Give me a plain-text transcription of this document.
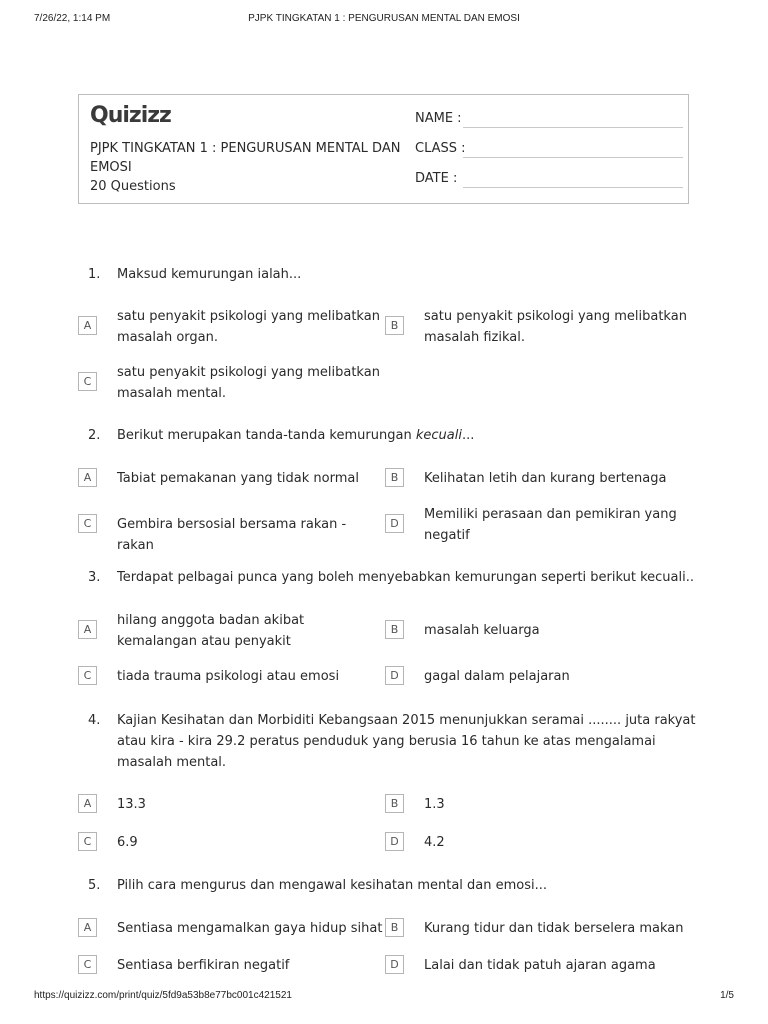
7/26/22, 1:14 PM	PJPK TINGKATAN 1 : PENGURUSAN MENTAL DAN EMOSI
Quizizz
PJPK TINGKATAN 1 : PENGURUSAN MENTAL DAN EMOSI
20 Questions
NAME :
CLASS :
DATE :
1. Maksud kemurungan ialah...
A
satu penyakit psikologi yang melibatkan masalah organ.
B
satu penyakit psikologi yang melibatkan masalah fizikal.
C
satu penyakit psikologi yang melibatkan masalah mental.
2. Berikut merupakan tanda-tanda kemurungan kecuali...
A	Tabiat pemakanan yang tidak normal	B	Kelihatan letih dan kurang bertenaga
C	Gembira bersosial bersama rakan - rakan
D
Memiliki perasaan dan pemikiran yang negatif
3. Terdapat pelbagai punca yang boleh menyebabkan kemurungan seperti berikut kecuali..
A
hilang anggota badan akibat kemalangan atau penyakit
B	masalah keluarga
C	tiada trauma psikologi atau emosi	D	gagal dalam pelajaran
4. Kajian Kesihatan dan Morbiditi Kebangsaan 2015 menunjukkan seramai ........ juta rakyat atau kira - kira 29.2 peratus penduduk yang berusia 16 tahun ke atas mengalamai masalah mental.
A	13.3	B	1.3
C	6.9	D	4.2
5. Pilih cara mengurus dan mengawal kesihatan mental dan emosi...
A	Sentiasa mengamalkan gaya hidup sihat B	Kurang tidur dan tidak berselera makan
C	Sentiasa berfikiran negatif	D	Lalai dan tidak patuh ajaran agama
https://quizizz.com/print/quiz/5fd9a53b8e77bc001c421521	1/5
